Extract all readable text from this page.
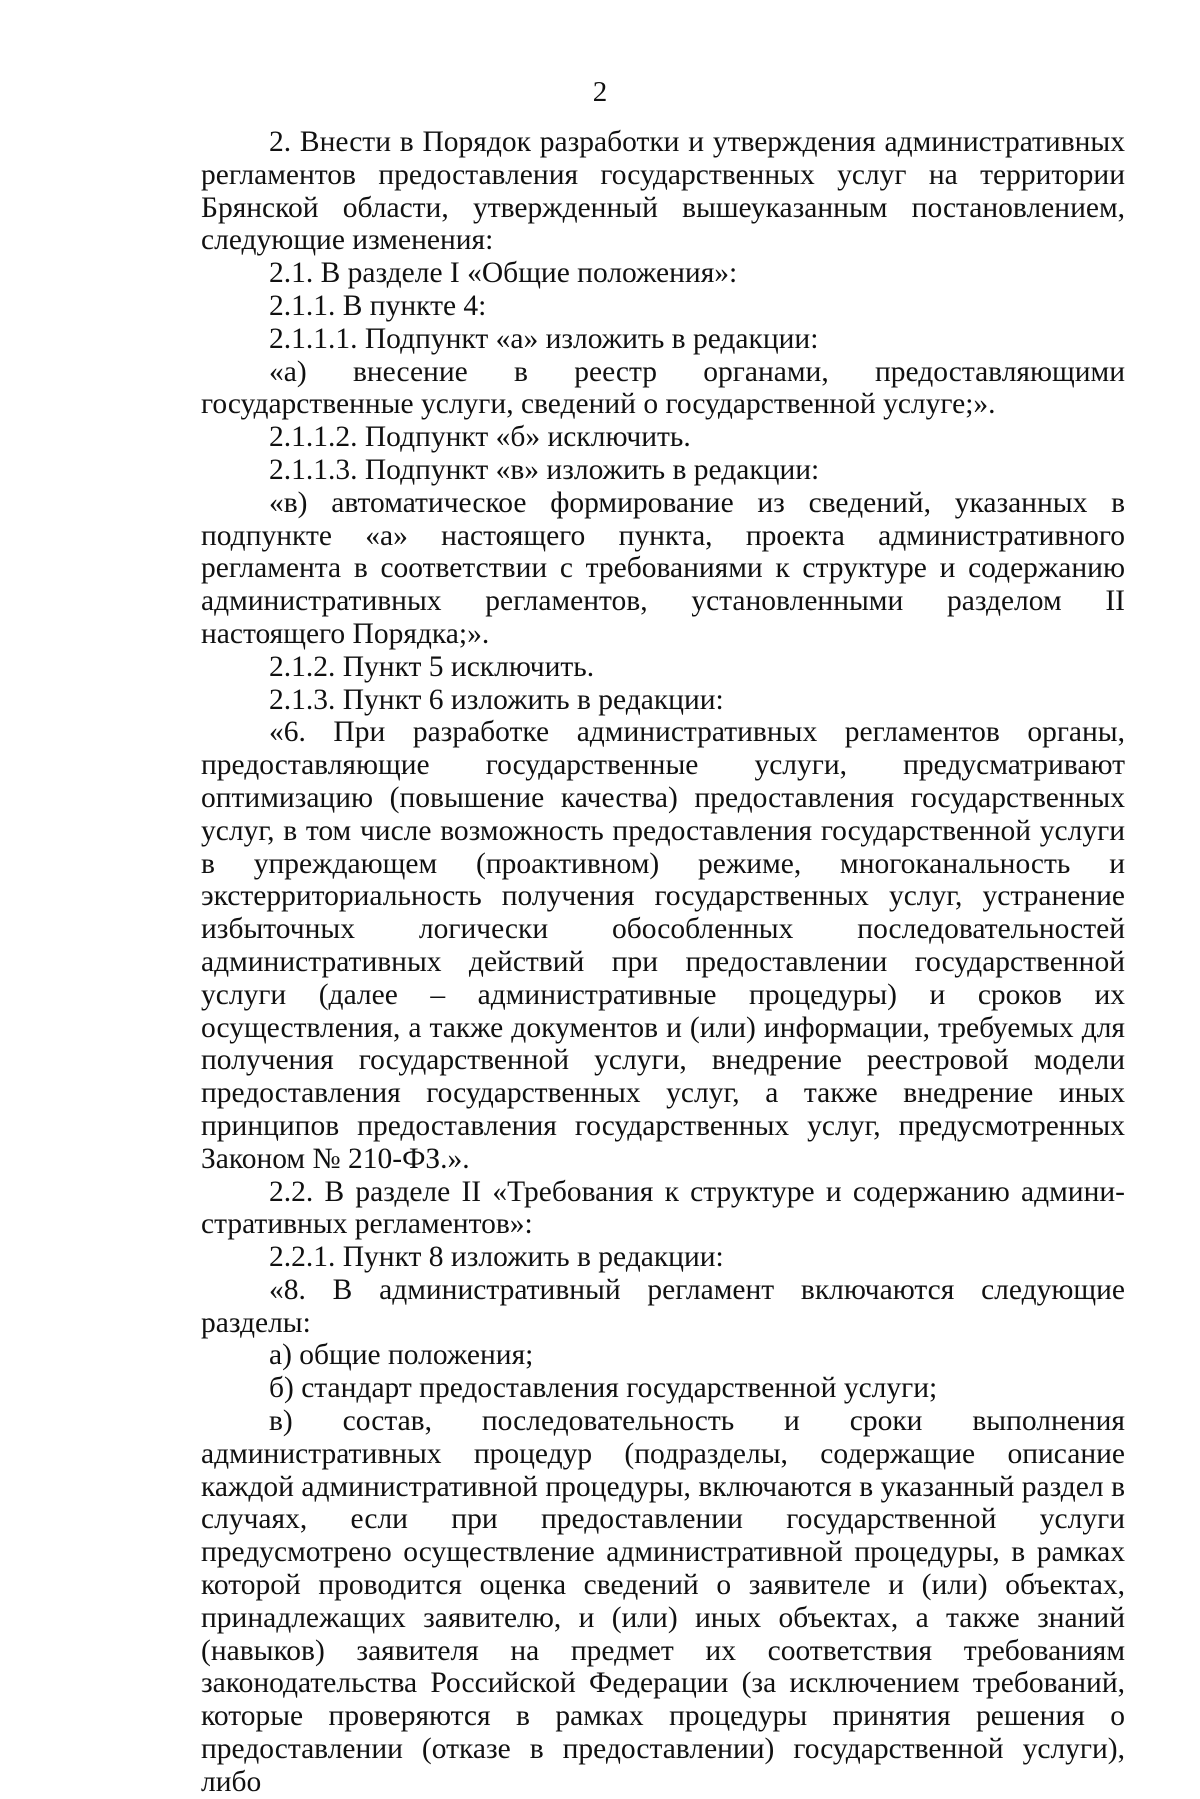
2

2. Внести в Порядок разработки и утверждения административных регламентов предоставления государственных услуг на территории Брянской области, утвержденный вышеуказанным постановлением, следующие изменения:

2.1. В разделе I «Общие положения»:

2.1.1. В пункте 4:

2.1.1.1. Подпункт «а» изложить в редакции:

«а) внесение в реестр органами, предоставляющими государственные услуги, сведений о государственной услуге;».

2.1.1.2. Подпункт «б» исключить.

2.1.1.3. Подпункт «в» изложить в редакции:

«в) автоматическое формирование из сведений, указанных в подпункте «а» настоящего пункта, проекта административного регламента в соответствии с требованиями к структуре и содержанию административных регламентов, установленными разделом II настоящего Порядка;».

2.1.2. Пункт 5 исключить.

2.1.3. Пункт 6 изложить в редакции:

«6. При разработке административных регламентов органы, предоставляющие государственные услуги, предусматривают оптимизацию (повышение качества) предоставления государственных услуг, в том числе возможность предоставления государственной услуги в упреждающем (проактивном) режиме, многоканальность и экстерриториальность получения государственных услуг, устранение избыточных логически обособленных последовательностей административных действий при предоставлении государственной услуги (далее – административные процедуры) и сроков их осуществления, а также документов и (или) информации, требуемых для получения государственной услуги, внедрение реестровой модели предоставления государственных услуг, а также внедрение иных принципов предоставления государственных услуг, предусмотренных Законом № 210-ФЗ.».

2.2. В разделе II «Требования к структуре и содержанию административных регламентов»:

2.2.1. Пункт 8 изложить в редакции:

«8. В административный регламент включаются следующие разделы:

а) общие положения;

б) стандарт предоставления государственной услуги;

в) состав, последовательность и сроки выполнения административных процедур (подразделы, содержащие описание каждой административной процедуры, включаются в указанный раздел в случаях, если при предоставлении государственной услуги предусмотрено осуществление административной процедуры, в рамках которой проводится оценка сведений о заявителе и (или) объектах, принадлежащих заявителю, и (или) иных объектах, а также знаний (навыков) заявителя на предмет их соответствия требованиям законодательства Российской Федерации (за исключением требований, которые проверяются в рамках процедуры принятия решения о предоставлении (отказе в предоставлении) государственной услуги), либо
